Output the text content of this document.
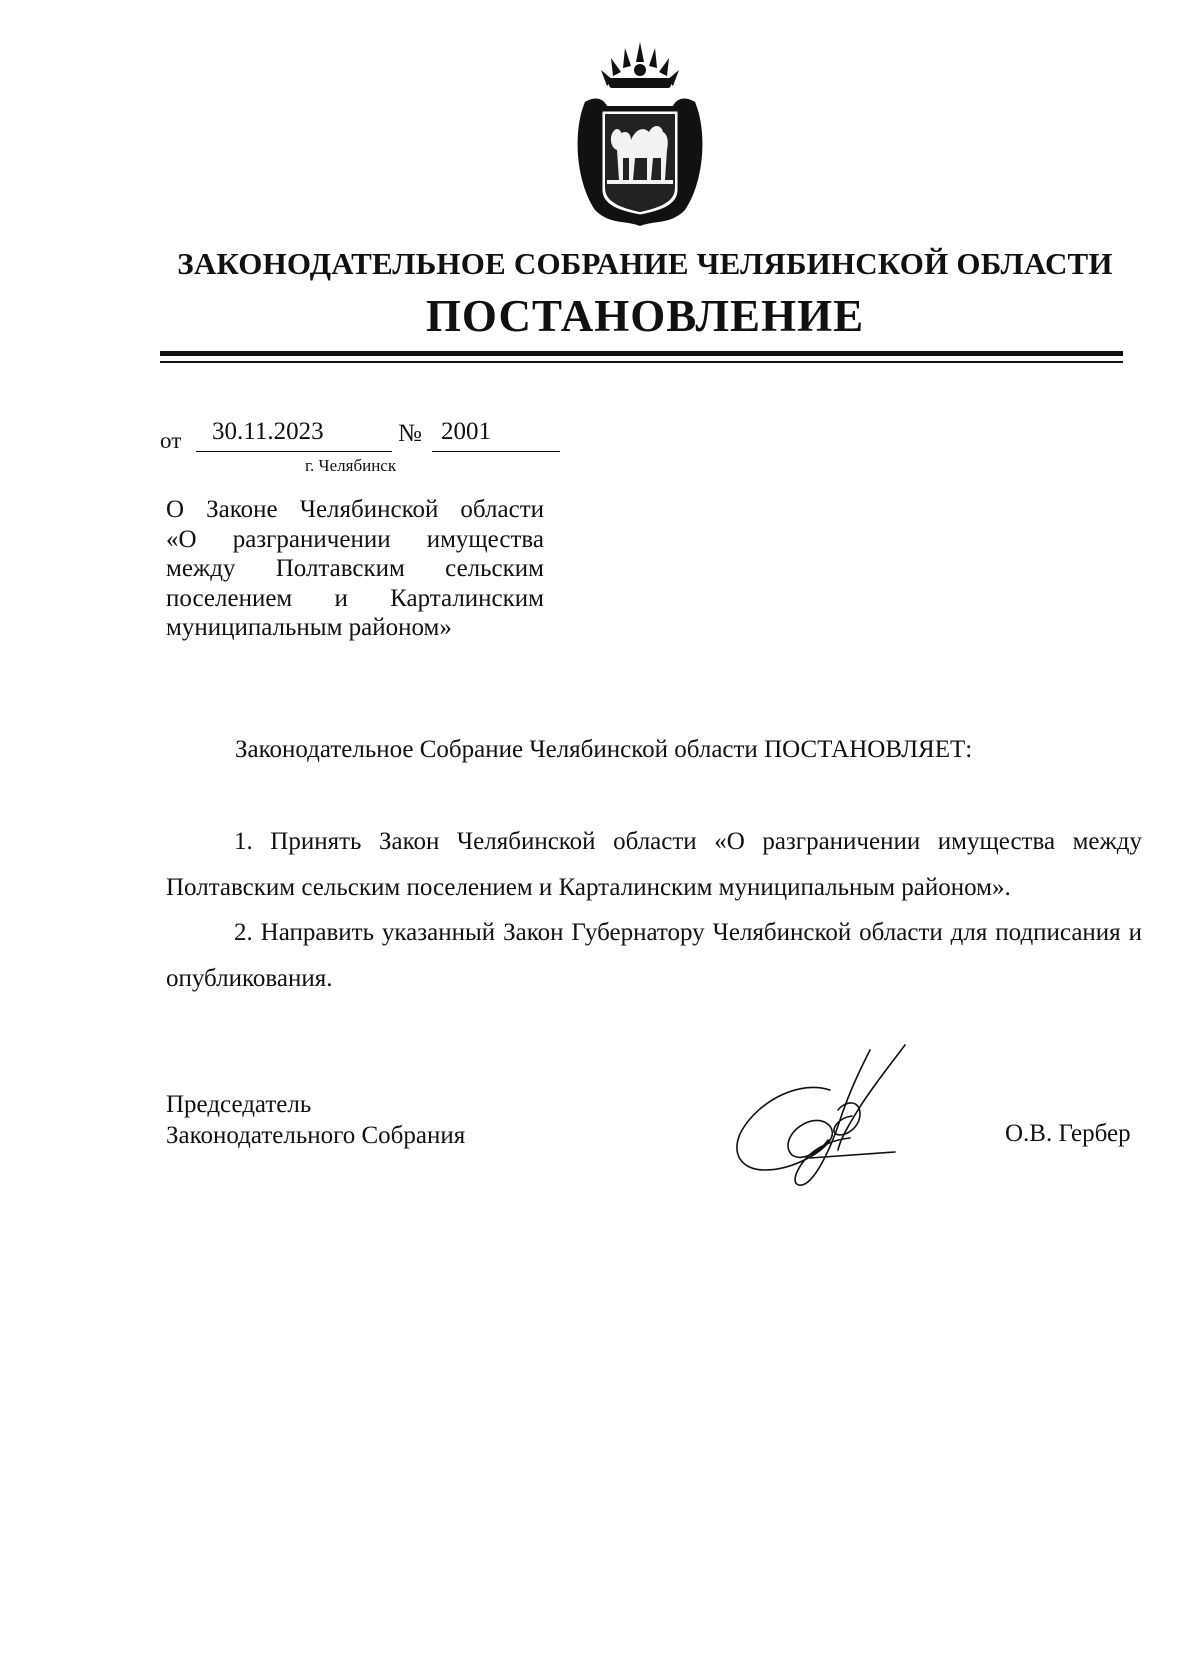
ЗАКОНОДАТЕЛЬНОЕ СОБРАНИЕ ЧЕЛЯБИНСКОЙ ОБЛАСТИ
ПОСТАНОВЛЕНИЕ
от 30.11.2023	№ 2001
г. Челябинск
О Законе Челябинской области
«О разграничении имущества
между Полтавским сельским
поселением и Карталинским
муниципальным районом»
Законодательное Собрание Челябинской области ПОСТАНОВЛЯЕТ:
1. Принять Закон Челябинской области «О разграничении имущества между Полтавским сельским поселением и Карталинским муниципальным районом».
2. Направить указанный Закон Губернатору Челябинской области для подписания и опубликования.
Председатель
Законодательного Собрания	О.В. Гербер
